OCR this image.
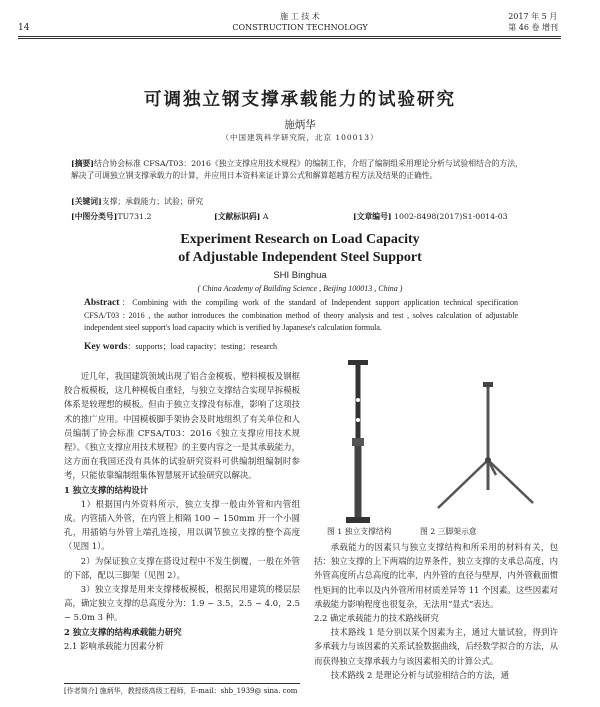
14
施 工 技 术
CONSTRUCTION TECHNOLOGY
2017 年 5 月
第 46 卷 增刊
可调独立钢支撑承载能力的试验研究
施炳华
（中国建筑科学研究院，北京 100013）
[摘要]结合协会标准 CFSA/T03：2016《独立支撑应用技术规程》的编制工作，介绍了编制组采用理论分析与试验相结合的方法，解决了可调独立钢支撑承载力的计算，并应用日本资料来证计算公式和解算超越方程方法及结果的正确性。
[关键词]支撑；承载能力；试验；研究
[中图分类号]TU731.2	[文献标识码] A	[文章编号] 1002-8498(2017)S1-0014-03
Experiment Research on Load Capacity
of Adjustable Independent Steel Support
SHI Binghua
( China Academy of Building Science , Beijing 100013 , China )
Abstract：Combining with the compiling work of the standard of Independent support application technical specification CFSA/T03 : 2016 , the author introduces the combination method of theory analysis and test , solves calculation of adjustable independent steel support's load capacity which is verified by Japanese's calculation formula.
Key words：supports；load capacity；testing；research

近几年，我国建筑领域出现了铝合金模板、塑料模板及钢框胶合板模板，这几种模板自重轻，与独立支撑结合实现早拆模板体系是较理想的模板。但由于独立支撑没有标准，影响了这项技术的推广应用。中国模板脚手架协会及时地组织了有关单位和人员编制了协会标准 CFSA/T03：2016《独立支撑应用技术规程》。《独立支撑应用技术规程》的主要内容之一是其承载能力，这方面在我国还没有具体的试验研究资料可供编制组编制时参考，只能依靠编制组集体智慧展开试验研究以解决。

1 独立支撑的结构设计

1）根据国内外资料所示，独立支撑一般由外管和内管组成。内管插入外管，在内管上相隔 100 ~ 150mm 开一个小圆孔，用插销与外管上端孔连接，用以调节独立支撑的整个高度（见图 1）。

2）为保证独立支撑在搭设过程中不发生倒覆，一般在外管的下部，配以三脚架（见图 2）。

3）独立支撑是用来支撑楼板模板，根据民用建筑的楼层层高，确定独立支撑的总高度分为：1.9 ~ 3.5，2.5 ~ 4.0，2.5 ~ 5.0m 3 种。

2 独立支撑的结构承载能力研究

2.1 影响承载能力因素分析

图 1 独立支撑结构	图 2 三脚架示意

承载能力的因素只与独立支撑结构和所采用的材料有关，包括：独立支撑的上下两端的边界条件，独立支撑的支承总高度，内外管高度所占总高度的比率，内外管的直径与壁厚，内外管截面惯性矩间的比率以及内外管所用材质差异等 11 个因素。这些因素对承载能力影响程度也很复杂，无法用“显式”表达。

2.2 确定承载能力的技术路线研究

技术路线 1 是分别以某个因素为主，通过大量试验，得到许多承载力与该因素的关系试验数据曲线，后经数学拟合的方法，从而获得独立支撑承载力与该因素相关的计算公式。

技术路线 2 是理论分析与试验相结合的方法，通

[作者简介] 施炳华，教授级高级工程师，E-mail：shb_1939@ sina. com
